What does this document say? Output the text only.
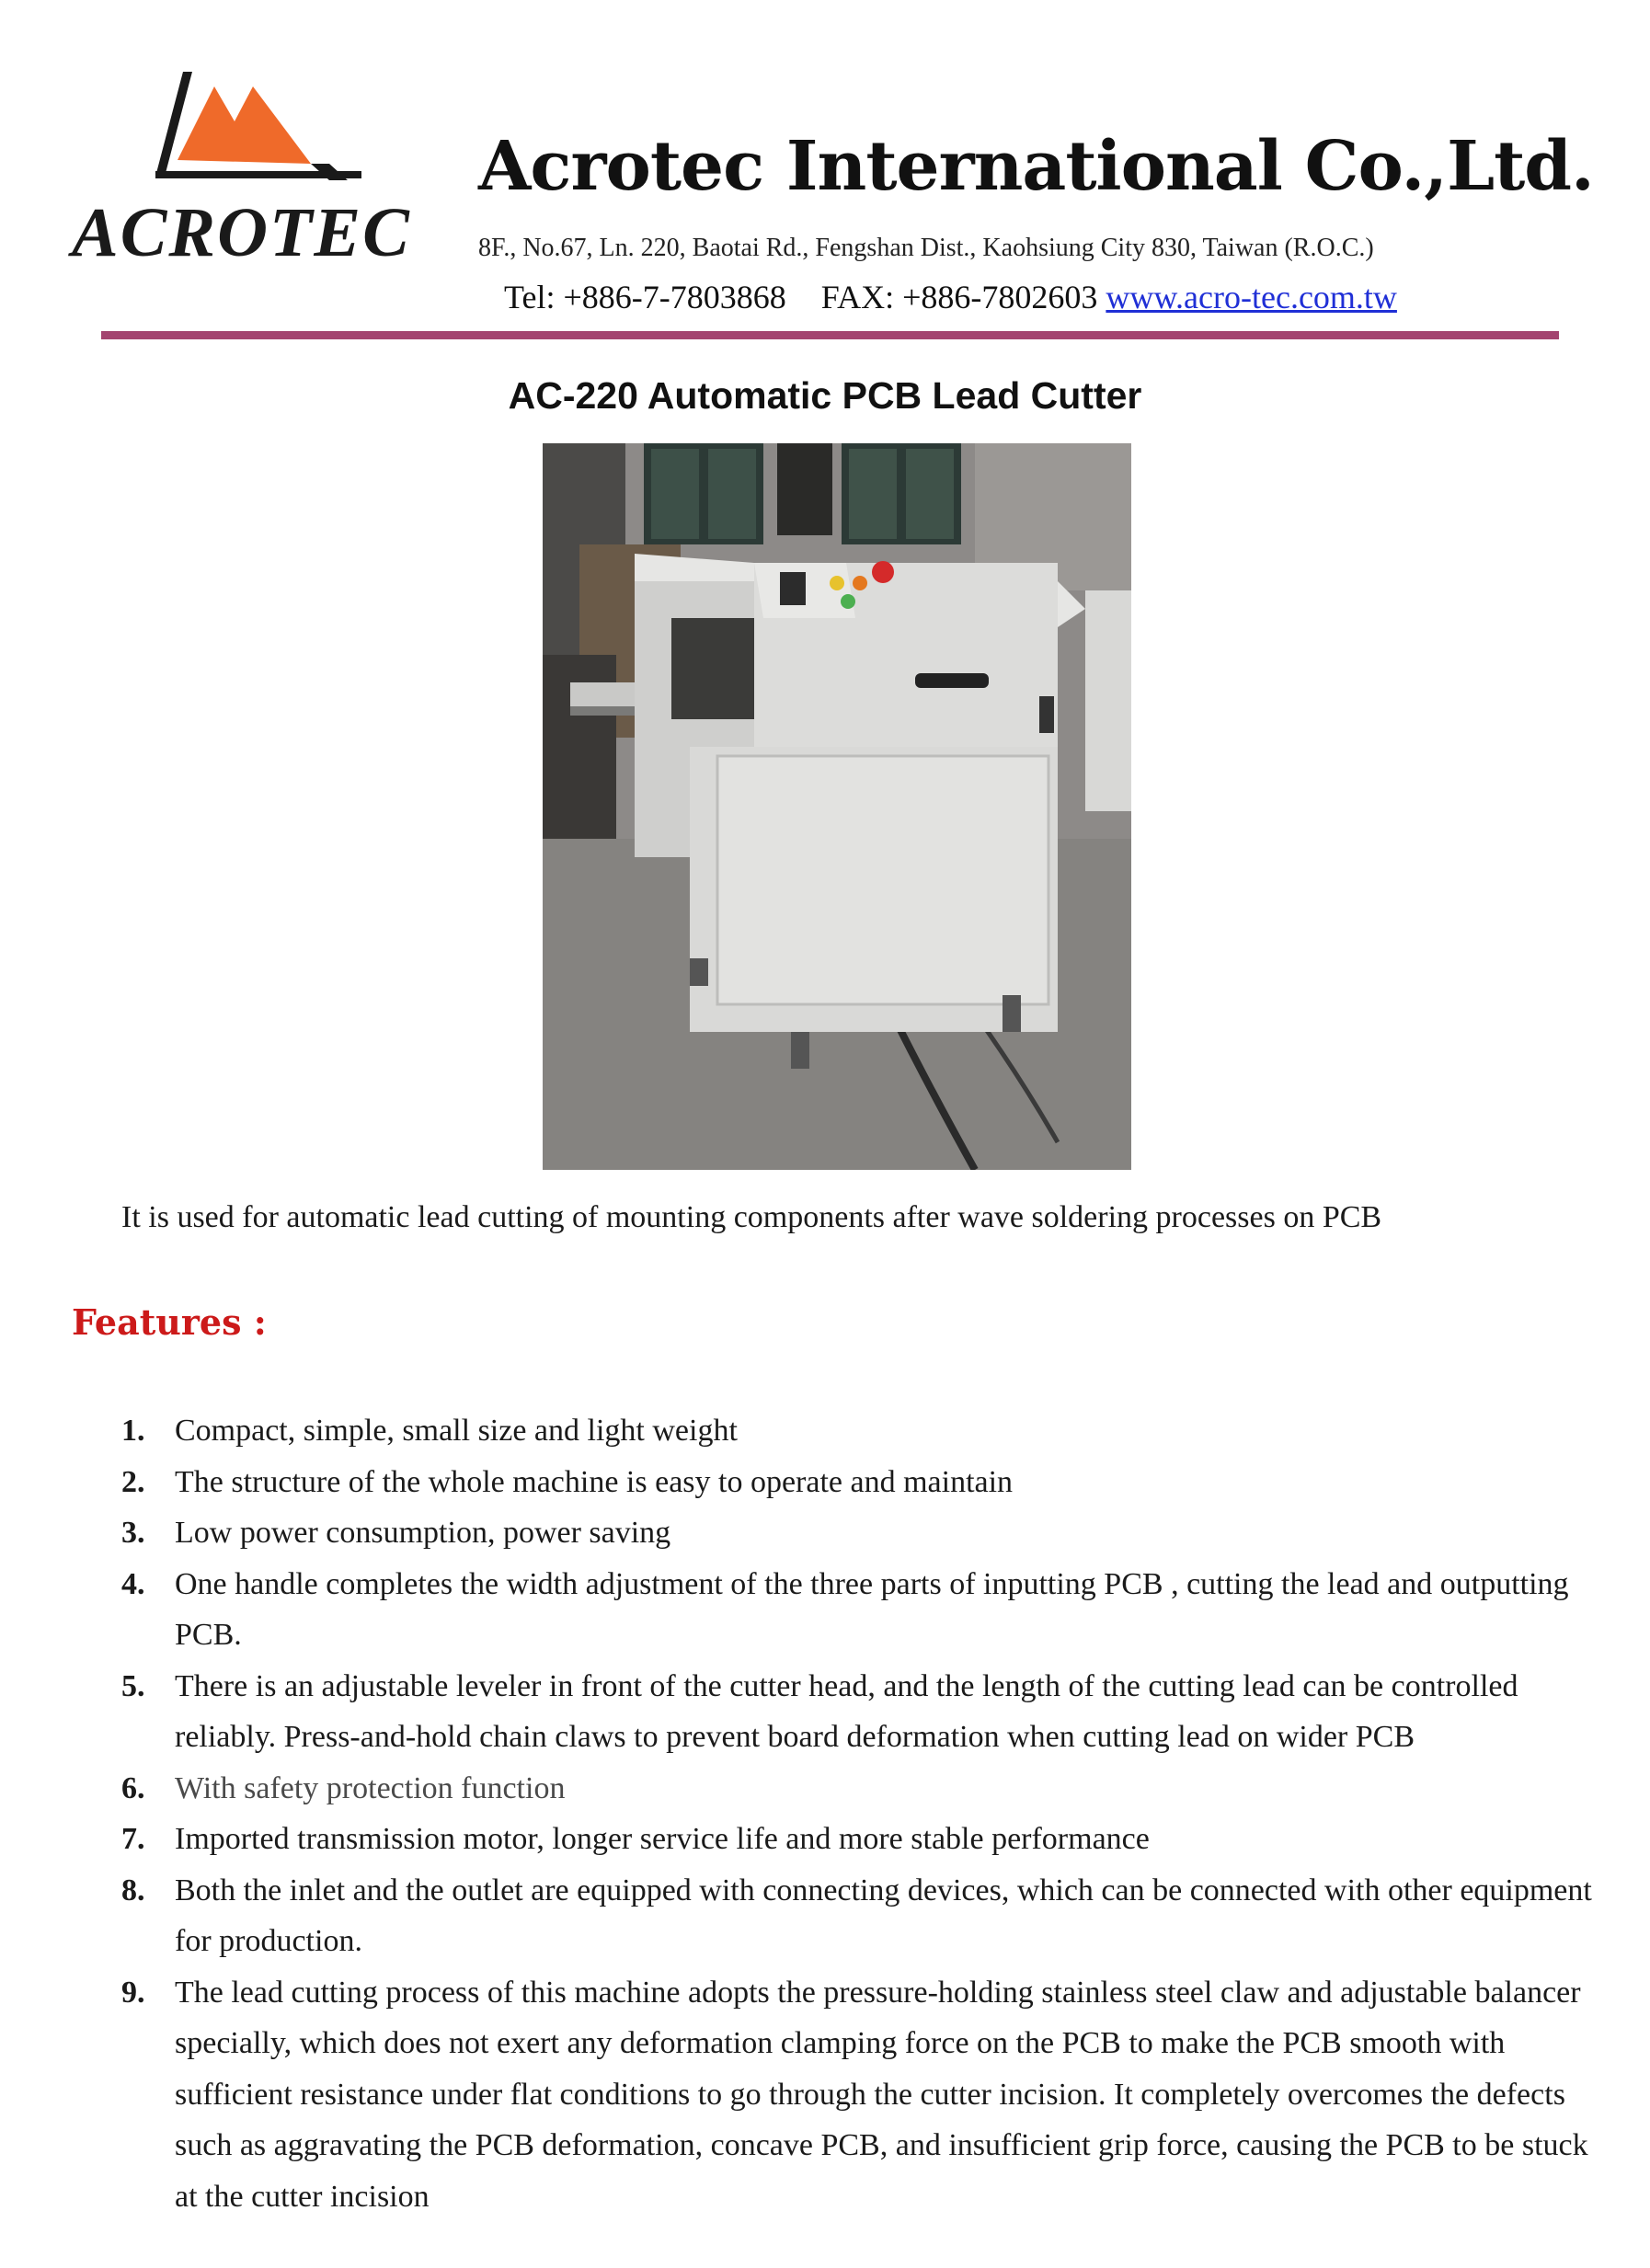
ACROTEC
Acrotec International Co.,Ltd.
8F., No.67, Ln. 220, Baotai Rd., Fengshan Dist., Kaohsiung City 830, Taiwan (R.O.C.)
Tel: +886-7-7803868 FAX: +886-7802603 www.acro-tec.com.tw
AC-220 Automatic PCB Lead Cutter
It is used for automatic lead cutting of mounting components after wave soldering processes on PCB
Features :
1. Compact, simple, small size and light weight
2. The structure of the whole machine is easy to operate and maintain
3. Low power consumption, power saving
4. One handle completes the width adjustment of the three parts of inputting PCB , cutting the lead and outputting PCB.
5. There is an adjustable leveler in front of the cutter head, and the length of the cutting lead can be controlled reliably. Press-and-hold chain claws to prevent board deformation when cutting lead on wider PCB
6. With safety protection function
7. Imported transmission motor, longer service life and more stable performance
8. Both the inlet and the outlet are equipped with connecting devices, which can be connected with other equipment for production.
9. The lead cutting process of this machine adopts the pressure-holding stainless steel claw and adjustable balancer specially, which does not exert any deformation clamping force on the PCB to make the PCB smooth with sufficient resistance under flat conditions to go through the cutter incision. It completely overcomes the defects such as aggravating the PCB deformation, concave PCB, and insufficient grip force, causing the PCB to be stuck at the cutter incision
